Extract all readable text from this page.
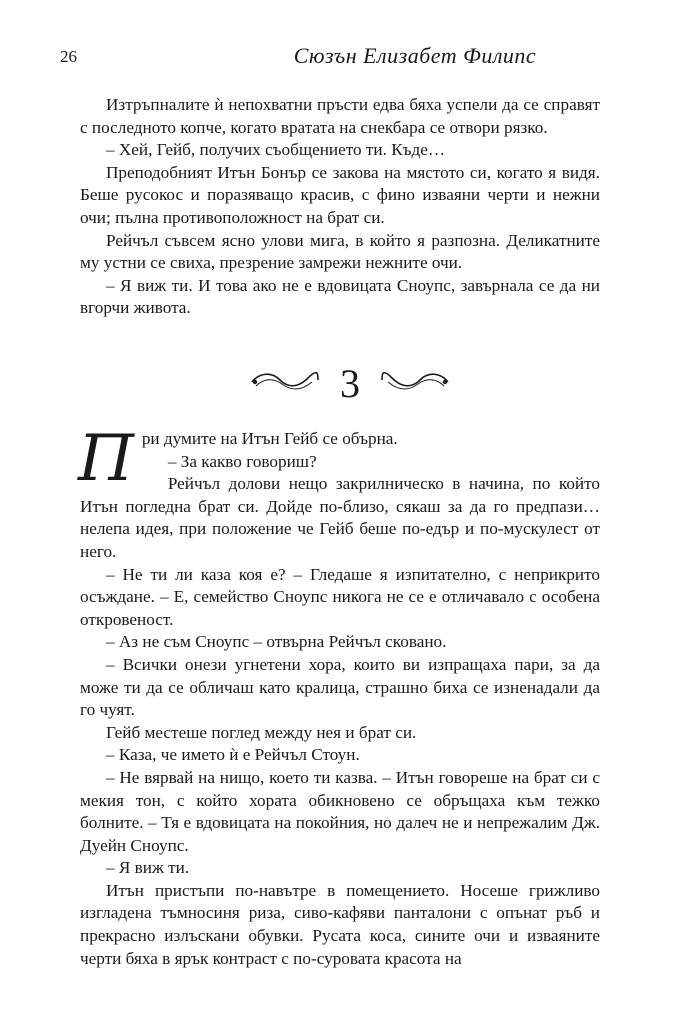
26	Сюзън Елизабет Филипс

Изтръпналите ѝ непохватни пръсти едва бяха успели да се справят с последното копче, когато вратата на снекбара се отвори рязко.

– Хей, Гейб, получих съобщението ти. Къде…

Преподобният Итън Бонър се закова на мястото си, когато я видя. Беше русокос и поразяващо красив, с фино изваяни черти и нежни очи; пълна противоположност на брат си.

Рейчъл съвсем ясно улови мига, в който я разпозна. Деликатните му устни се свиха, презрение замрежи нежните очи.

– Я виж ти. И това ако не е вдовицата Сноупс, завърнала се да ни вгорчи живота.

3

При думите на Итън Гейб се обърна.

– За какво говориш?

Рейчъл долови нещо закрилническо в начина, по който Итън погледна брат си. Дойде по-близо, сякаш за да го предпази… нелепа идея, при положение че Гейб беше по-едър и по-мускулест от него.

– Не ти ли каза коя е? – Гледаше я изпитателно, с неприкрито осъждане. – Е, семейство Сноупс никога не се е отличавало с особена откровеност.

– Аз не съм Сноупс – отвърна Рейчъл сковано.

– Всички онези угнетени хора, които ви изпращаха пари, за да може ти да се обличаш като кралица, страшно биха се изненадали да го чуят.

Гейб местеше поглед между нея и брат си.

– Каза, че името ѝ е Рейчъл Стоун.

– Не вярвай на нищо, което ти казва. – Итън говореше на брат си с мекия тон, с който хората обикновено се обръщаха към тежко болните. – Тя е вдовицата на покойния, но далеч не и непрежалим Дж. Дуейн Сноупс.

– Я виж ти.

Итън пристъпи по-навътре в помещението. Носеше грижливо изгладена тъмносиня риза, сиво-кафяви панталони с опънат ръб и прекрасно излъскани обувки. Русата коса, сините очи и изваяните черти бяха в ярък контраст с по-суровата красота на
